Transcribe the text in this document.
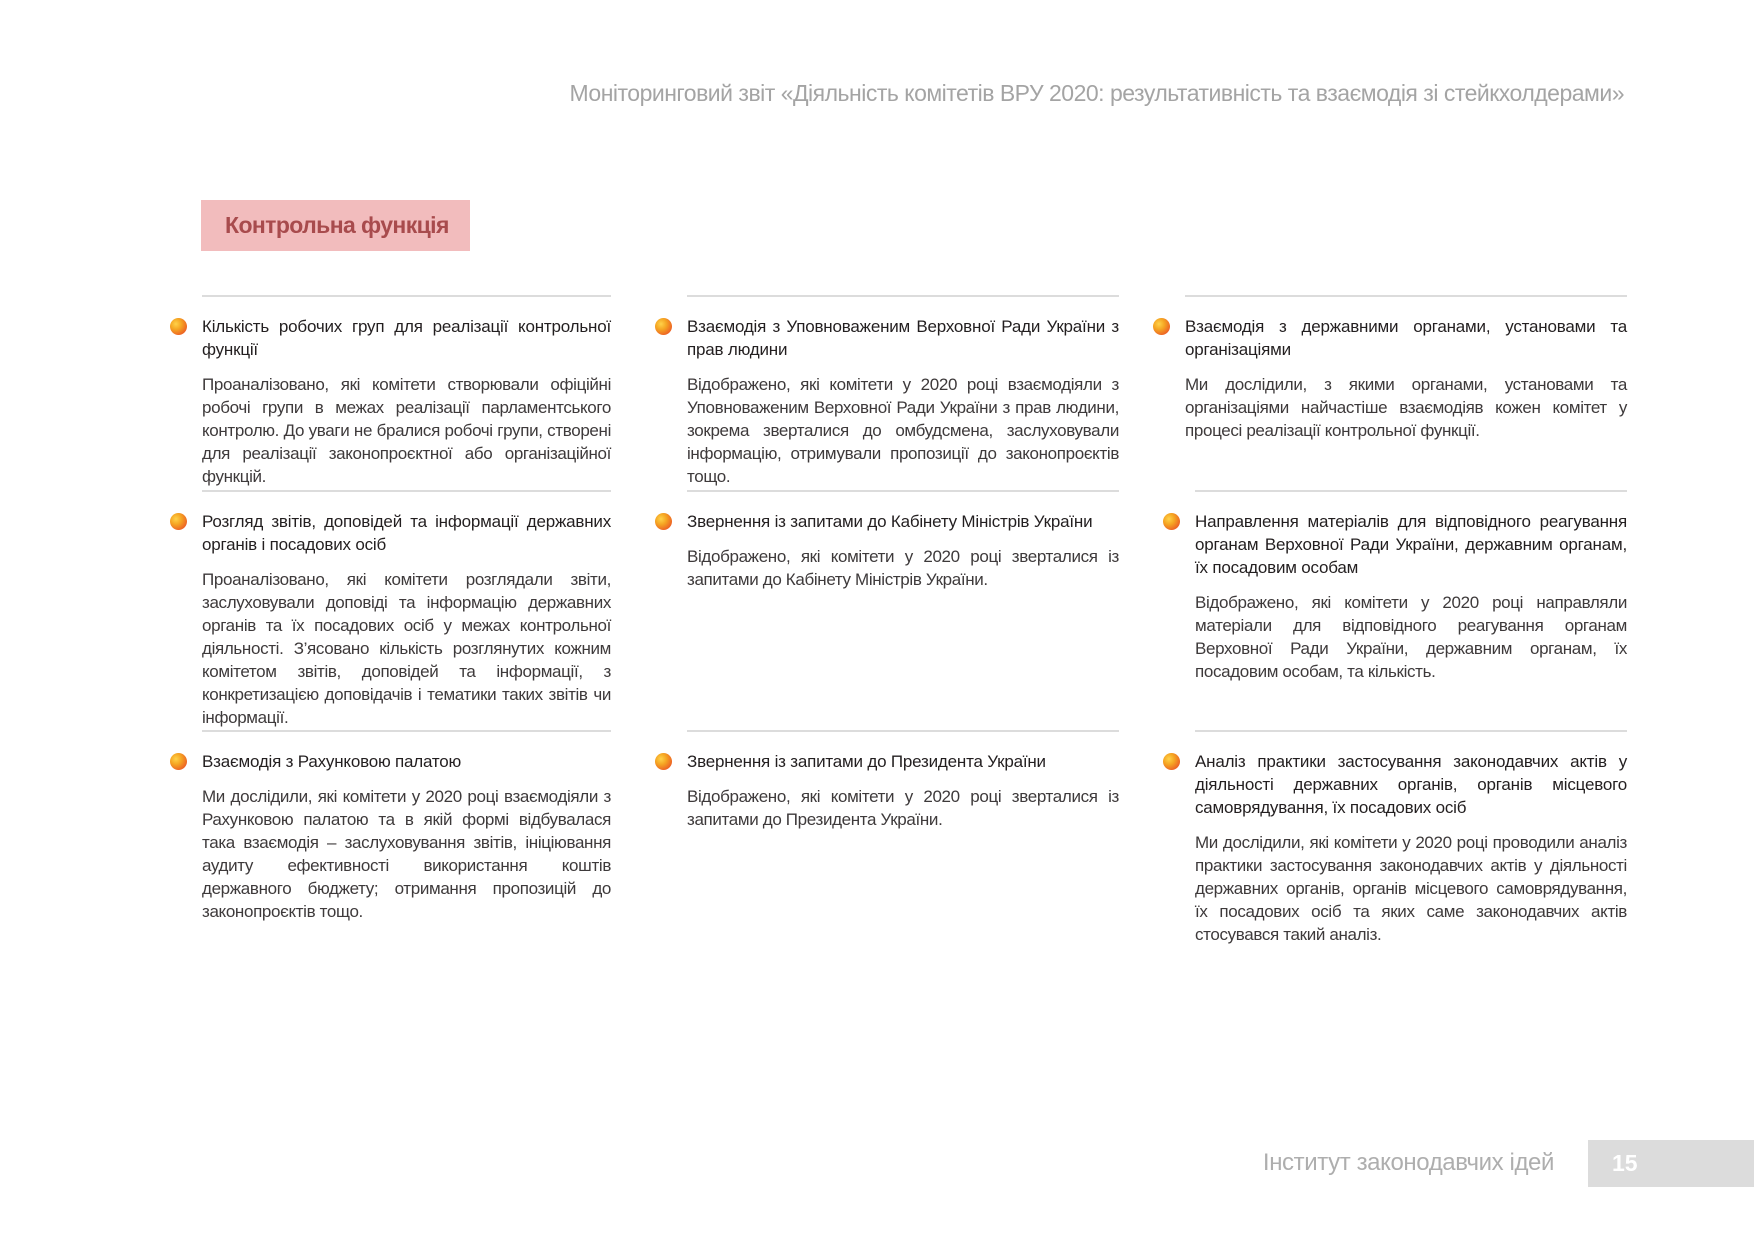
Моніторинговий звіт «Діяльність комітетів ВРУ 2020: результативність та взаємодія зі стейкхолдерами»
Контрольна функція
Кількість робочих груп для реалізації контрольної функції
Проаналізовано, які комітети створювали офіційні робочі групи в межах реалізації парламентського контролю. До уваги не бралися робочі групи, створені для реалізації законопроєктної або організаційної функцій.
Розгляд звітів, доповідей та інформації державних органів і посадових осіб
Проаналізовано, які комітети розглядали звіти, заслуховували доповіді та інформацію державних органів та їх посадових осіб у межах контрольної діяльності. З’ясовано кількість розглянутих кожним комітетом звітів, доповідей та інформації, з конкретизацією доповідачів і тематики таких звітів чи інформації.
Взаємодія з Рахунковою палатою
Ми дослідили, які комітети у 2020 році взаємодіяли з Рахунковою палатою та в якій формі відбувалася така взаємодія – заслуховування звітів, ініціювання аудиту ефективності використання коштів державного бюджету; отримання пропозицій до законопроєктів тощо.
Взаємодія з Уповноваженим Верховної Ради України з прав людини
Відображено, які комітети у 2020 році взаємодіяли з Уповноваженим Верховної Ради України з прав людини, зокрема зверталися до омбудсмена, заслуховували інформацію, отримували пропозиції до законопроєктів тощо.
Звернення із запитами до Кабінету Міністрів України
Відображено, які комітети у 2020 році зверталися із запитами до Кабінету Міністрів України.
Звернення із запитами до Президента України
Відображено, які комітети у 2020 році зверталися із запитами до Президента України.
Взаємодія з державними органами, установами та організаціями
Ми дослідили, з якими органами, установами та організаціями найчастіше взаємодіяв кожен комітет у процесі реалізації контрольної функції.
Направлення матеріалів для відповідного реагування органам Верховної Ради України, державним органам, їх посадовим особам
Відображено, які комітети у 2020 році направляли матеріали для відповідного реагування органам Верховної Ради України, державним органам, їх посадовим особам, та кількість.
Аналіз практики застосування законодавчих актів у діяльності державних органів, органів місцевого самоврядування, їх посадових осіб
Ми дослідили, які комітети у 2020 році проводили аналіз практики застосування законодавчих актів у діяльності державних органів, органів місцевого самоврядування, їх посадових осіб та яких саме законодавчих актів стосувався такий аналіз.
Інститут законодавчих ідей	15
